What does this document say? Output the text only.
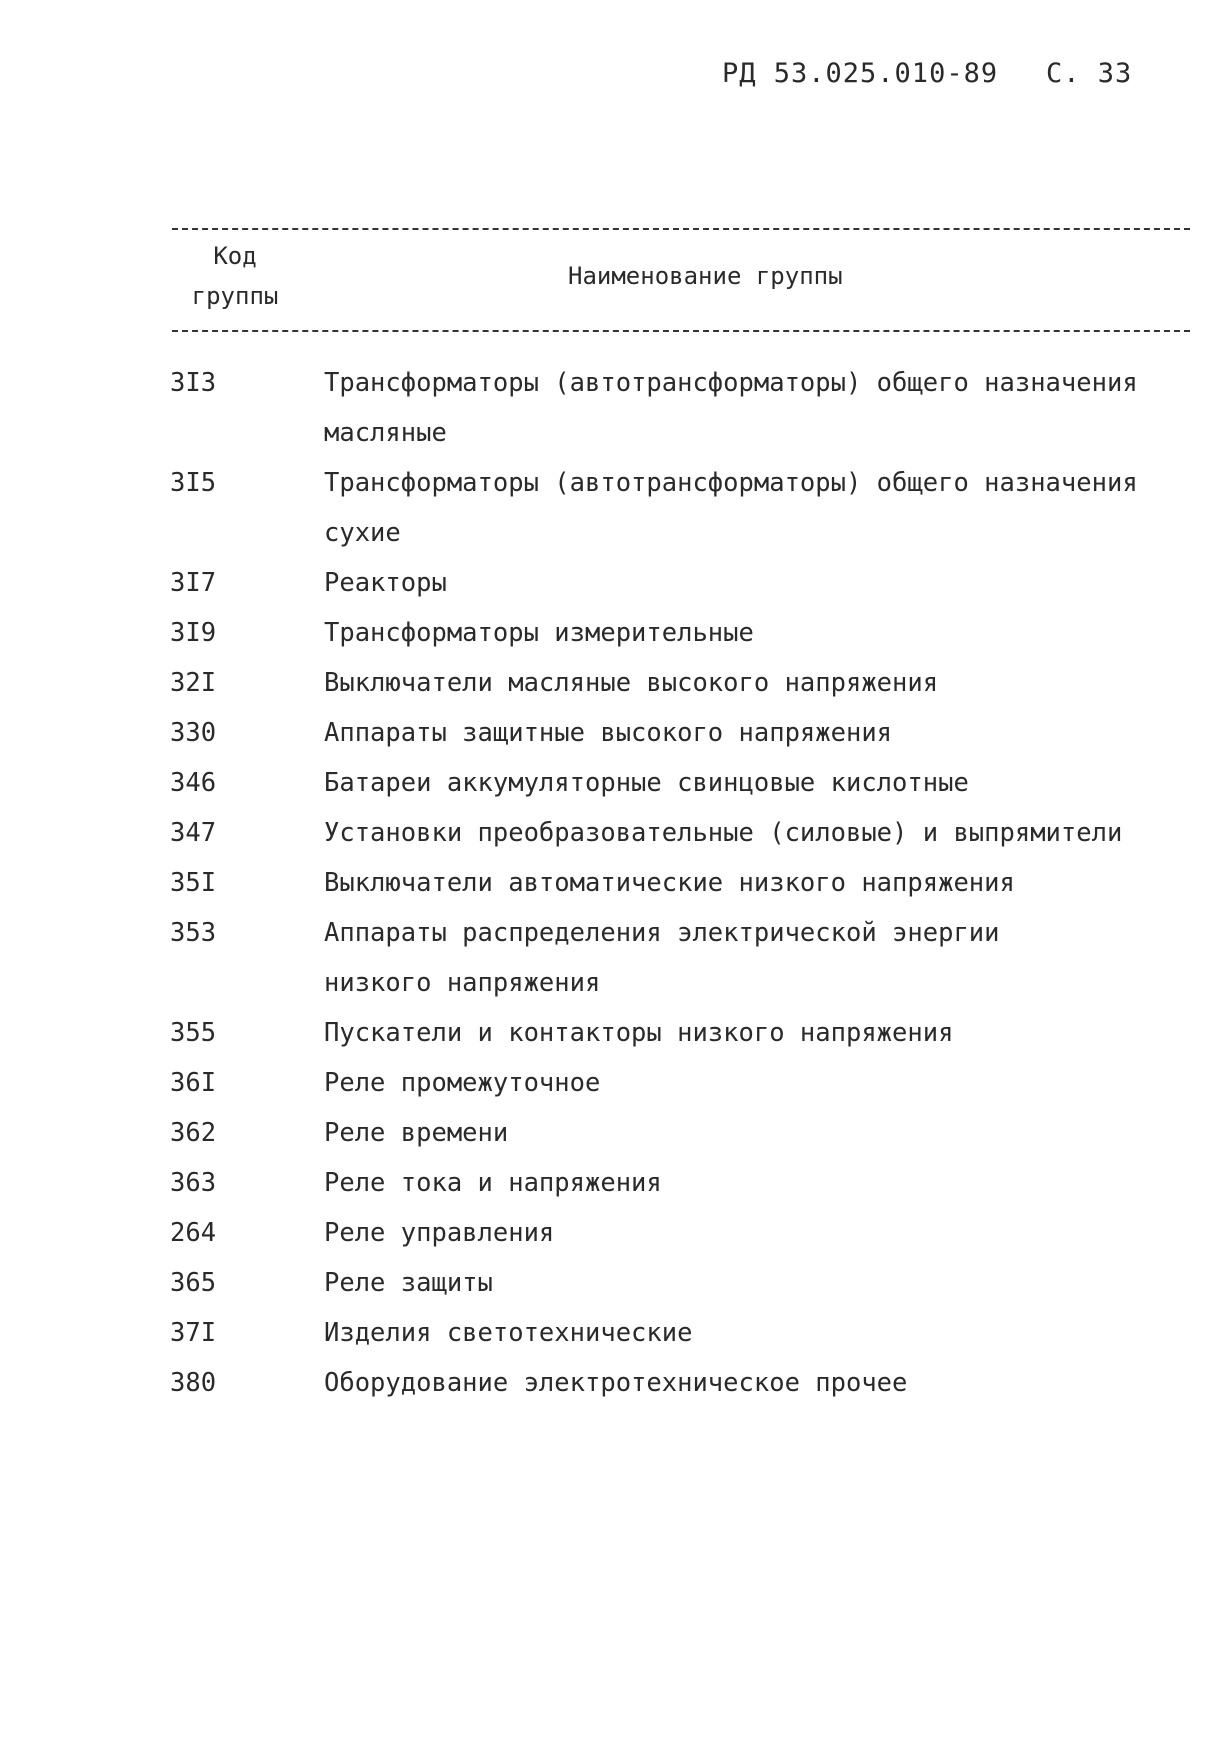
РД 53.025.010-89 С. 33
Код
группы
Наименование группы
3I3	Трансформаторы (автотрансформаторы) общего назначения масляные
3I5	Трансформаторы (автотрансформаторы) общего назначения сухие
3I7	Реакторы
3I9	Трансформаторы измерительные
32I	Выключатели масляные высокого напряжения
330	Аппараты защитные высокого напряжения
346	Батареи аккумуляторные свинцовые кислотные
347	Установки преобразовательные (силовые) и выпрямители
35I	Выключатели автоматические низкого напряжения
353	Аппараты распределения электрической энергии
низкого напряжения
355	Пускатели и контакторы низкого напряжения
36I	Реле промежуточное
362	Реле времени
363	Реле тока и напряжения
264	Реле управления
365	Реле защиты
37I	Изделия светотехнические
380	Оборудование электротехническое прочее
